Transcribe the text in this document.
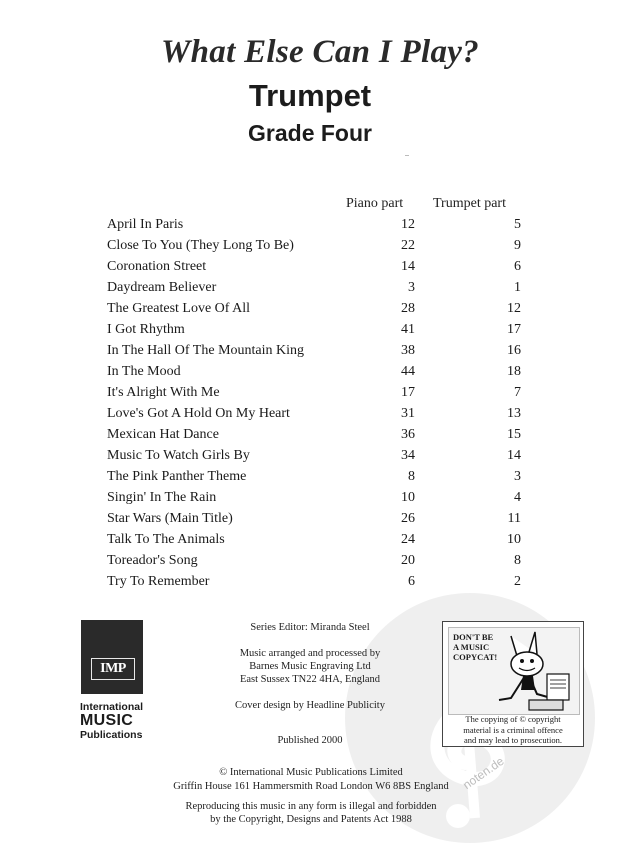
noten.de
What Else Can I Play?
Trumpet
Grade Four
Piano part Trumpet part
April In Paris	12	5
Close To You (They Long To Be)	22	9
Coronation Street	14	6
Daydream Believer	3	1
The Greatest Love Of All	28	12
I Got Rhythm	41	17
In The Hall Of The Mountain King	38	16
In The Mood	44	18
It's Alright With Me	17	7
Love's Got A Hold On My Heart	31	13
Mexican Hat Dance	36	15
Music To Watch Girls By	34	14
The Pink Panther Theme	8	3
Singin' In The Rain	10	4
Star Wars (Main Title)	26	11
Talk To The Animals	24	10
Toreador's Song	20	8
Try To Remember	6	2
IMP
International
MUSIC
Publications
Series Editor: Miranda Steel
Music arranged and processed by
Barnes Music Engraving Ltd
East Sussex TN22 4HA, England
Cover design by Headline Publicity
Published 2000
DON'T BE
A MUSIC
COPYCAT!
The copying of © copyright
material is a criminal offence
and may lead to prosecution.
© International Music Publications Limited
Griffin House 161 Hammersmith Road London W6 8BS England
Reproducing this music in any form is illegal and forbidden
by the Copyright, Designs and Patents Act 1988
